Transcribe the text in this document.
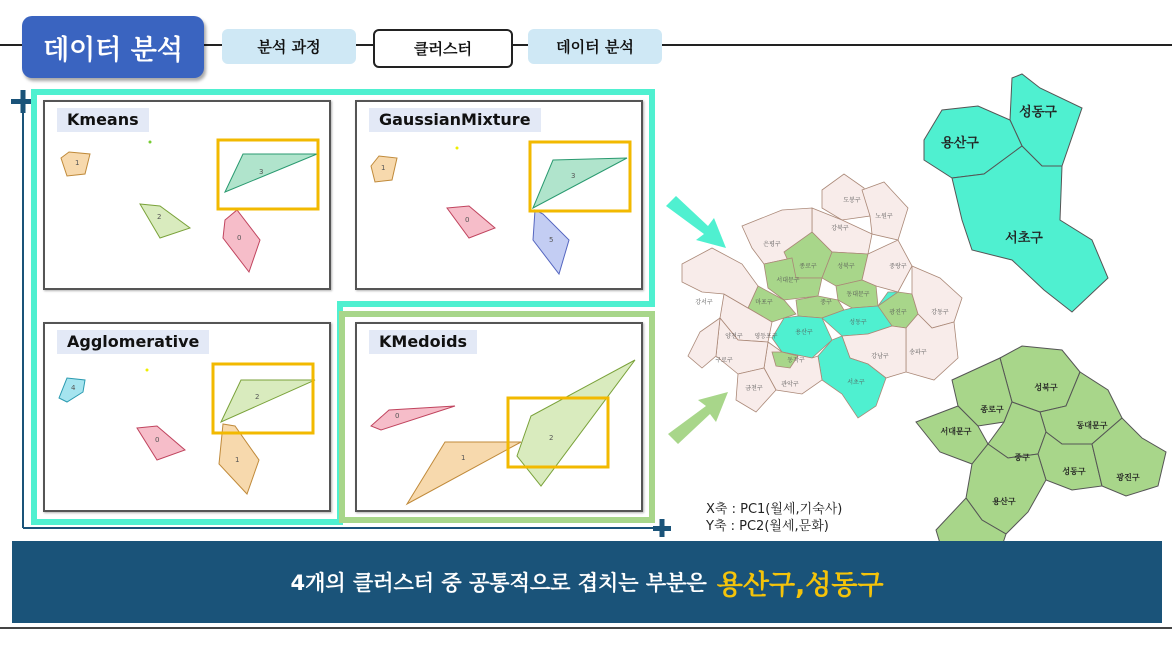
데이터 분석	분석 과정	클러스터	데이터 분석
Kmeans
1
2
3
0
GaussianMixture
1
0
3
5
Agglomerative
4
0
2
1
KMedoids
0
1
2
도봉구
노원구
강북구
은평구
성북구	중랑구
종로구
동대문구
서대문구
광진구
중구
용산구
성동구
마포구
강서구
양천구 영등포구
동작구
강동구
송파구
강남구
서초구
구로구
관악구
금천구
성동구
용산구
서초구
성북구
종로구
동대문구
서대문구
중구
성동구
광진구
용산구
X축 : PC1(월세,기숙사)
Y축 : PC2(월세,문화)
4개의 클러스터 중 공통적으로 겹치는 부분은 용산구,성동구
